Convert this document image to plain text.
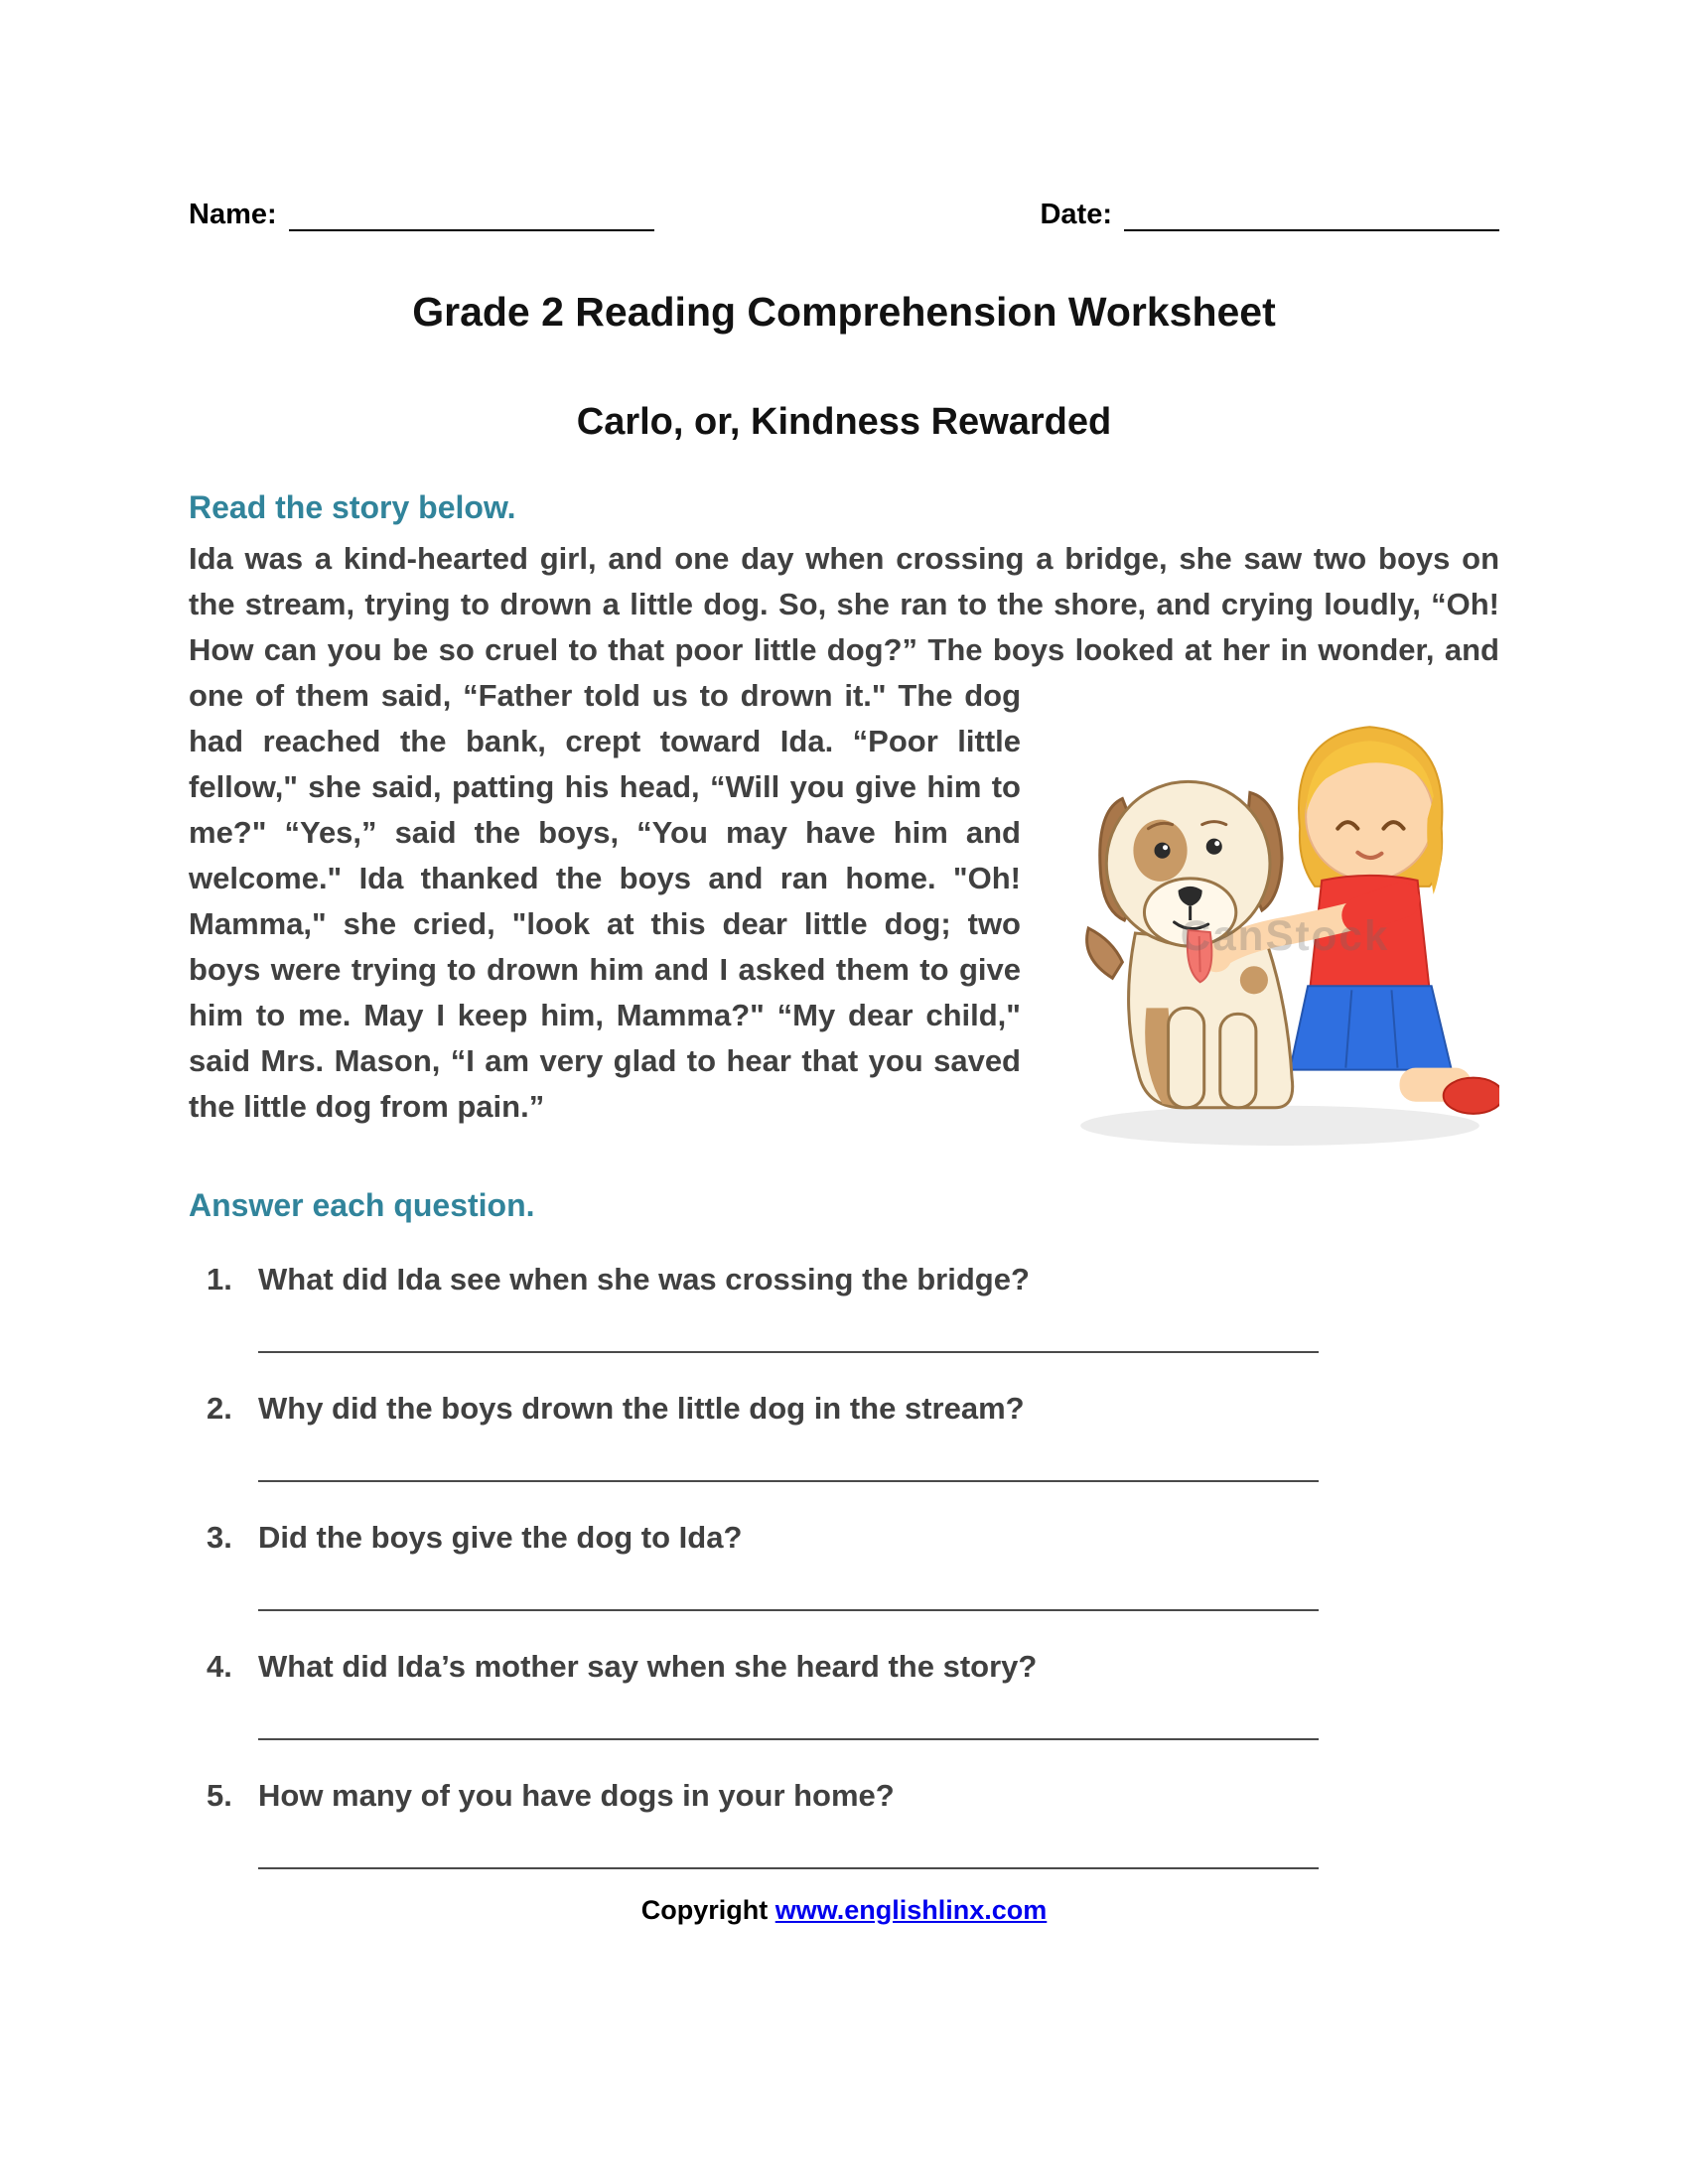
Name:	Date:
Grade 2 Reading Comprehension Worksheet
Carlo, or, Kindness Rewarded
Read the story below.
Ida was a kind-hearted girl, and one day when crossing a bridge, she saw two boys on the stream, trying to drown a little dog. So, she ran to the shore, and crying loudly, “Oh! How can you be so cruel to that poor little dog?” The boys looked at her in wonder, and one of them said,
CanStock
“Father told us to drown it." The dog had reached the bank, crept toward Ida. “Poor little fellow," she said, patting his head, “Will you give him to me?" “Yes,” said the boys, “You may have him and welcome." Ida thanked the boys and ran home. "Oh! Mamma," she cried, "look at this dear little dog; two boys were trying to drown him and I asked them to give him to me. May I keep him, Mamma?" “My dear child," said Mrs. Mason, “I am very glad to hear that you saved the little dog from pain.”
Answer each question.
1. What did Ida see when she was crossing the bridge?
2. Why did the boys drown the little dog in the stream?
3. Did the boys give the dog to Ida?
4. What did Ida’s mother say when she heard the story?
5. How many of you have dogs in your home?
Copyright www.englishlinx.com
